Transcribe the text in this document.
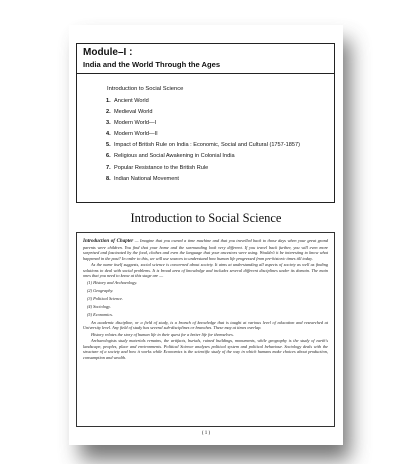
Module–I :
India and the World Through the Ages
Introduction to Social Science
1. Ancient World
2. Medieval World
3. Modern World—I
4. Modern World—II
5. Impact of British Rule on India : Economic, Social and Cultural (1757-1857)
6. Religious and Social Awakening in Colonial India
7. Popular Resistance to the British Rule
8. Indian National Movement
Introduction to Social Science

Introduction of Chapter — Imagine that you owned a time machine and that you travelled back to those days when your great grand parents were children. You find that your home and the surrounding look very different. If you travel back further, you will even more surprised and fascinated by the food, clothes and even the language that your ancestors were using. Wouldn't it be interesting to know what happened in the past? In order to this, we will use sources to understand how human life progressed from pre-historic times till today.

As the name itself suggests, social science is concerned about society. It aims at understanding all aspects of society as well as finding solutions to deal with social problems. It is broad area of knowledge and includes several different disciplines under its domain. The main ones that you need to know at this stage are —

(1) History and Archaeology.
(2) Geography.
(3) Political Science.
(4) Sociology.
(5) Economics.

An academic discipline, or a field of study, is a branch of knowledge that is taught at various level of education and researched at University level. Any field of study has several sub-disciplines or branches. These may at times overlap.

History relates the story of human life in their quest for a better life for themselves.

Archaeologists study materials remains, the artifacts, burials, ruined buildings, monuments, while geography is the study of earth's landscape, peoples, place and environments. Political Science analyses political system and political behaviour. Sociology deals with the structure of a society and how it works while Economics is the scientific study of the way in which humans make choices about production, consumption and wealth.

( 1 )
